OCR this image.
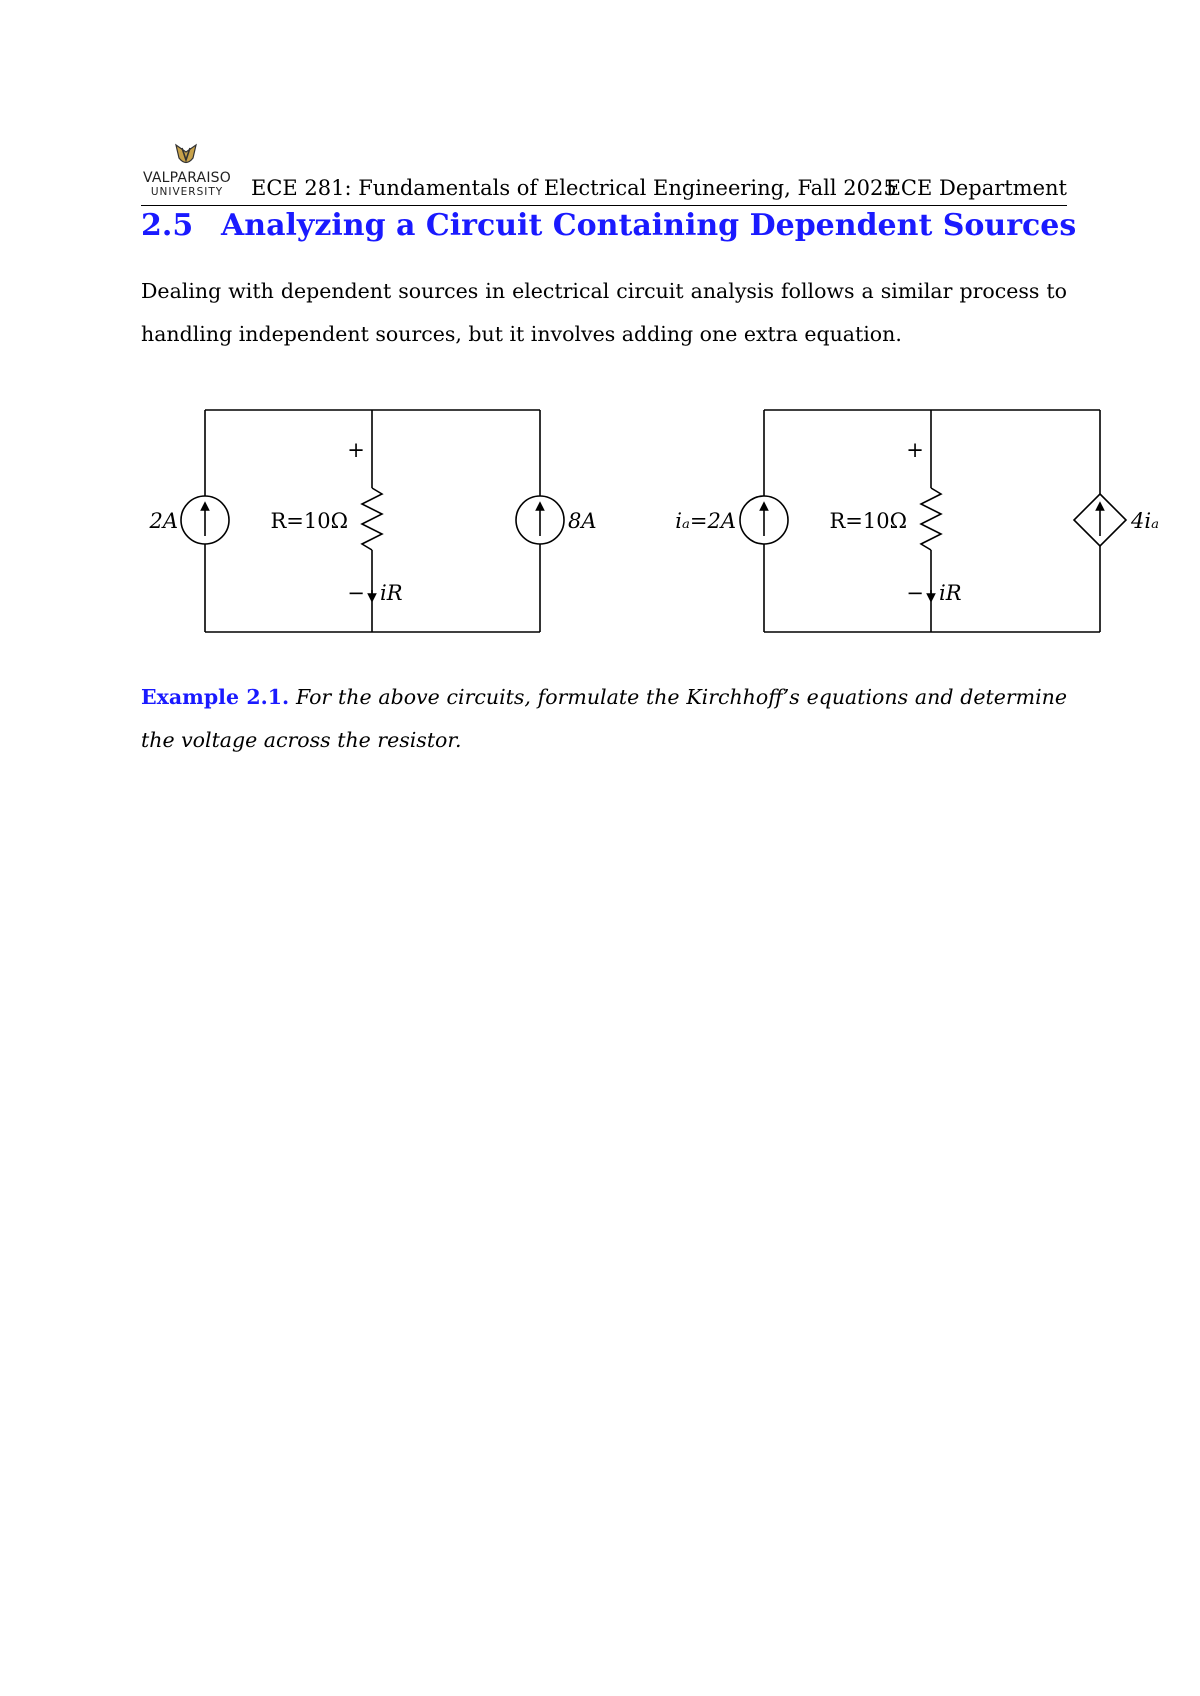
VALPARAISO
UNIVERSITY	ECE 281: Fundamentals of Electrical Engineering, Fall 2025
ECE Department
2.5 Analyzing a Circuit Containing Dependent Sources
Dealing with dependent sources in electrical circuit analysis follows a similar process to handling independent sources, but it involves adding one extra equation.
2A	R=10Ω
+
− iR
8A	iₐ=2A	R=10Ω
+
− iR
4iₐ
Example 2.1. For the above circuits, formulate the Kirchhoff’s equations and determine the voltage across the resistor.
